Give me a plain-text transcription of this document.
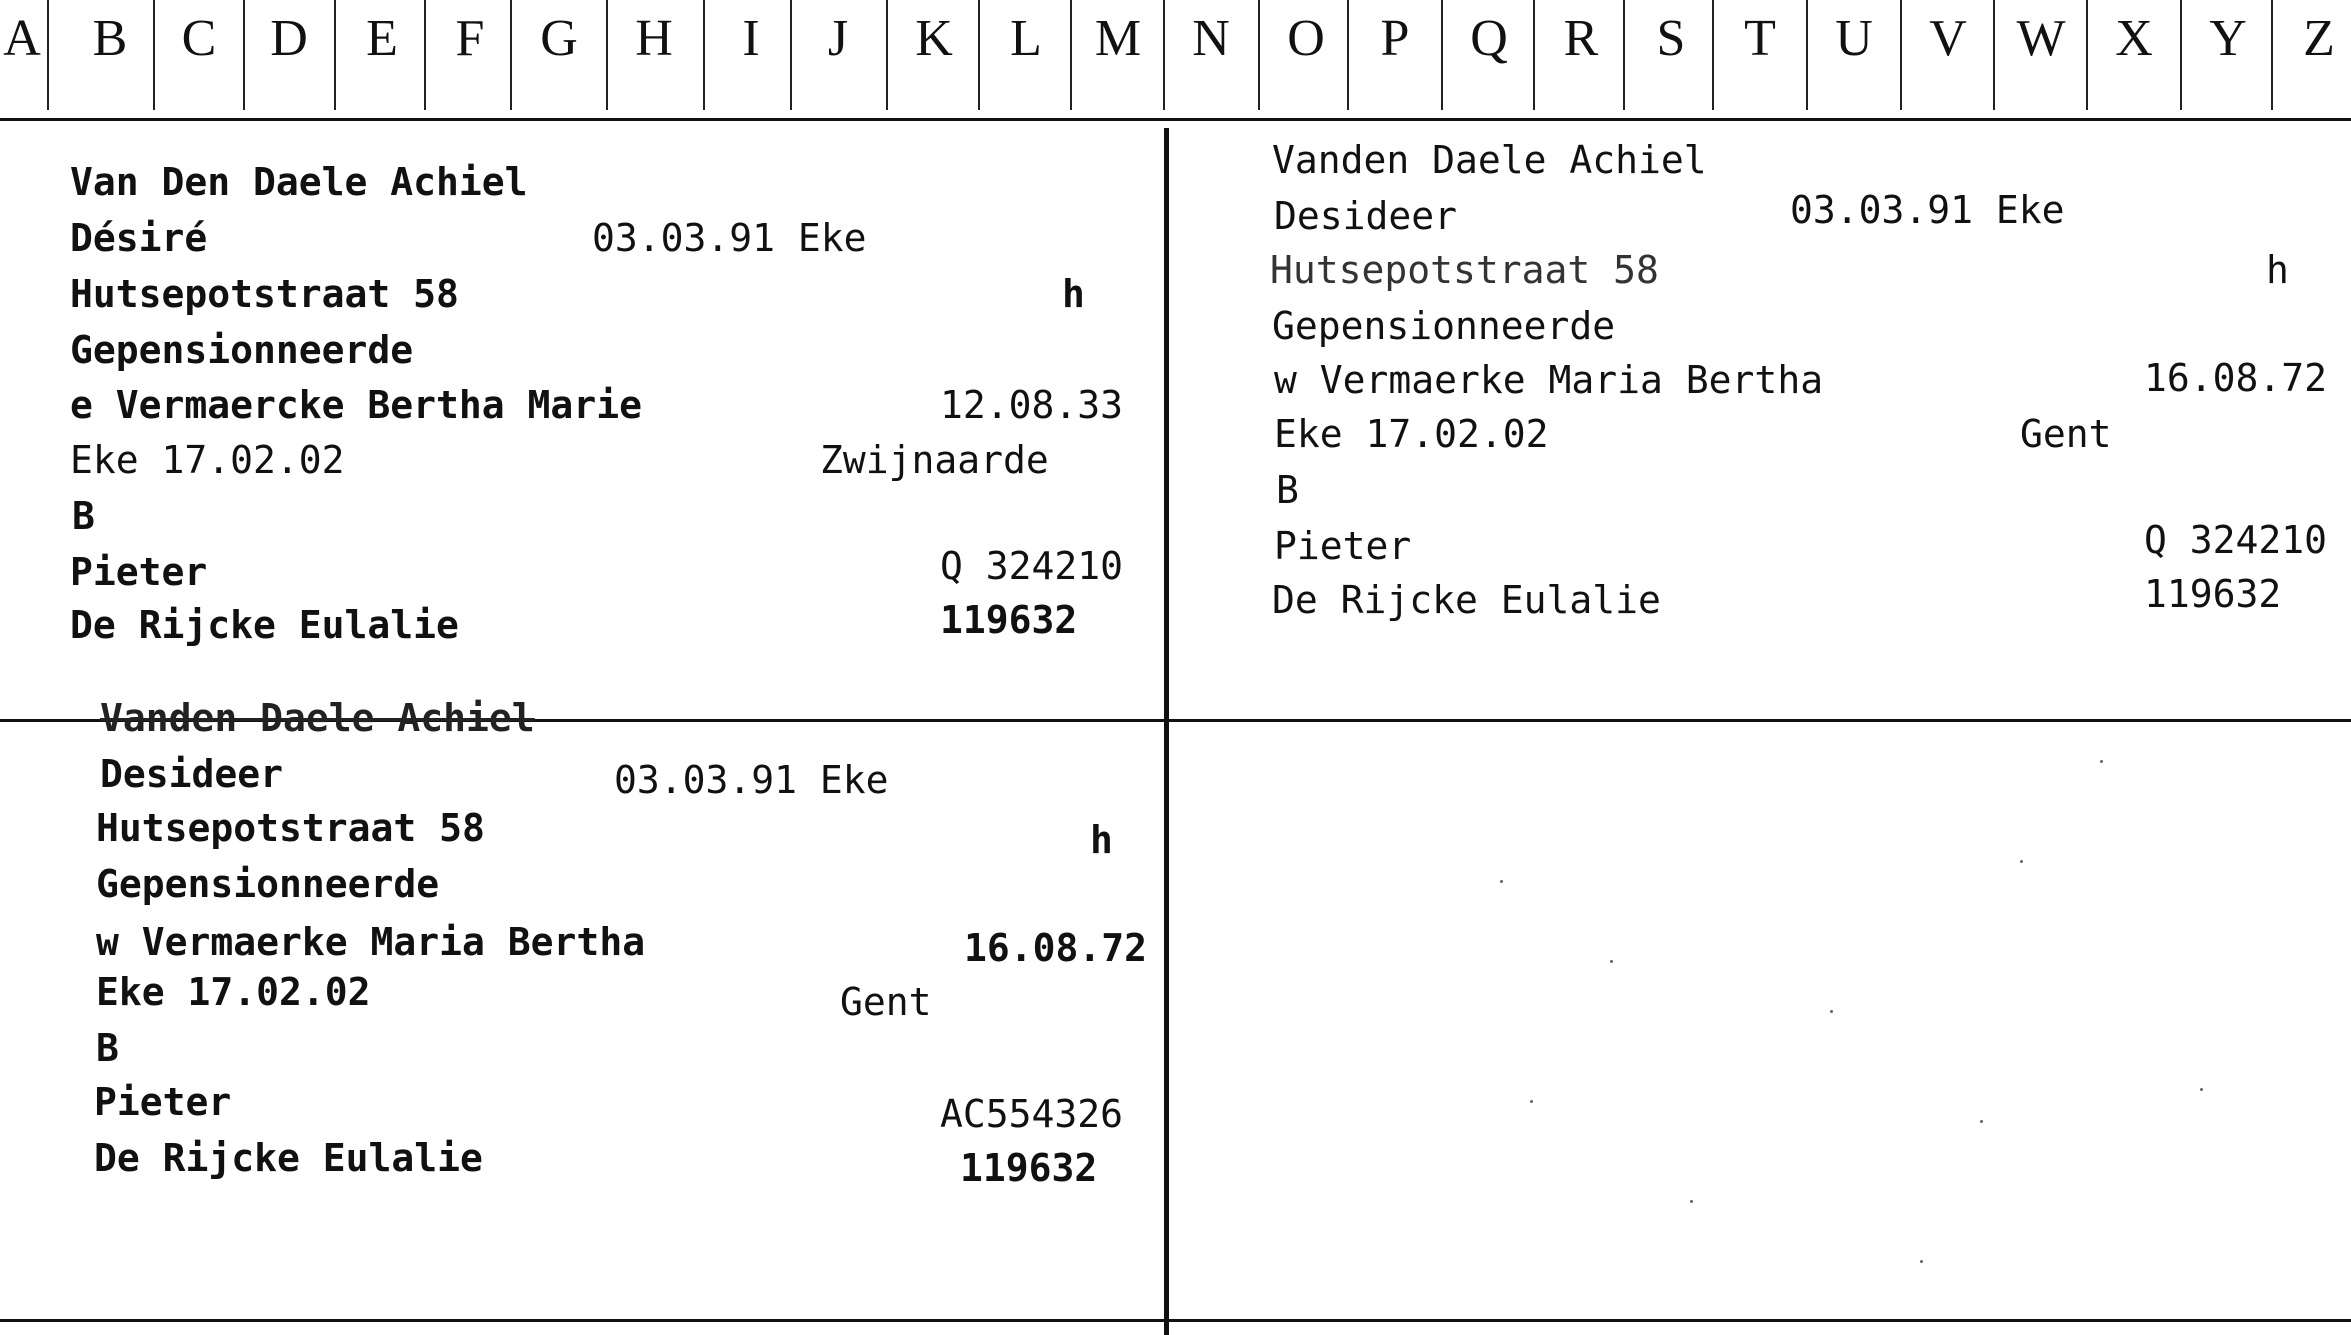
A B	C	D	E	F	G	H	I	J	K	L	M N	O	P	Q	R	S	T	U	V W X	Y	Z
Van Den Daele Achiel
Désiré	03.03.91 Eke
Hutsepotstraat 58	h
Gepensionneerde
e Vermaercke Bertha Marie	12.08.33
Eke 17.02.02	Zwijnaarde
B
Pieter	Q 324210
De Rijcke Eulalie	119632
Vanden Daele Achiel
Desideer	03.03.91 Eke
Hutsepotstraat 58	h
Gepensionneerde
w Vermaerke Maria Bertha	16.08.72
Eke 17.02.02	Gent
B
Pieter	Q 324210
De Rijcke Eulalie	119632
Vanden Daele Achiel
Desideer	03.03.91 Eke
Hutsepotstraat 58	h
Gepensionneerde
w Vermaerke Maria Bertha	16.08.72
Eke 17.02.02	Gent
B
Pieter	AC554326
De Rijcke Eulalie	119632
